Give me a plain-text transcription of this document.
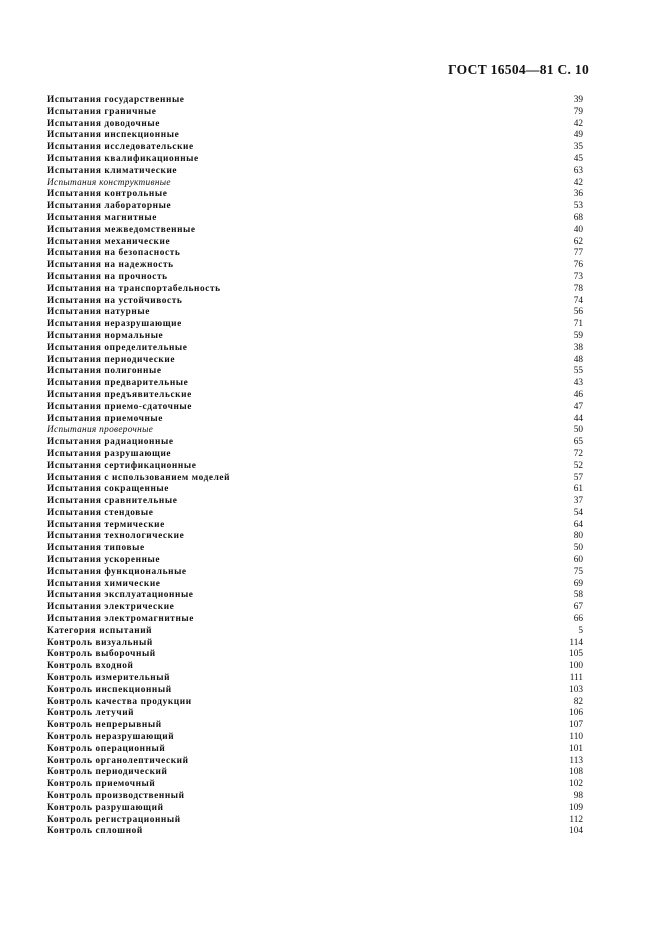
ГОСТ 16504—81 С. 10
Испытания государственные	39
Испытания граничные	79
Испытания доводочные	42
Испытания инспекционные	49
Испытания исследовательские	35
Испытания квалификационные	45
Испытания климатические	63
Испытания конструктивные	42
Испытания контрольные	36
Испытания лабораторные	53
Испытания магнитные	68
Испытания межведомственные	40
Испытания механические	62
Испытания на безопасность	77
Испытания на надежность	76
Испытания на прочность	73
Испытания на транспортабельность	78
Испытания на устойчивость	74
Испытания натурные	56
Испытания неразрушающие	71
Испытания нормальные	59
Испытания определительные	38
Испытания периодические	48
Испытания полигонные	55
Испытания предварительные	43
Испытания предъявительские	46
Испытания приемо-сдаточные	47
Испытания приемочные	44
Испытания проверочные	50
Испытания радиационные	65
Испытания разрушающие	72
Испытания сертификационные	52
Испытания с использованием моделей	57
Испытания сокращенные	61
Испытания сравнительные	37
Испытания стендовые	54
Испытания термические	64
Испытания технологические	80
Испытания типовые	50
Испытания ускоренные	60
Испытания функциональные	75
Испытания химические	69
Испытания эксплуатационные	58
Испытания электрические	67
Испытания электромагнитные	66
Категория испытаний	5
Контроль визуальный	114
Контроль выборочный	105
Контроль входной	100
Контроль измерительный	111
Контроль инспекционный	103
Контроль качества продукции	82
Контроль летучий	106
Контроль непрерывный	107
Контроль неразрушающий	110
Контроль операционный	101
Контроль органолептический	113
Контроль периодический	108
Контроль приемочный	102
Контроль производственный	98
Контроль разрушающий	109
Контроль регистрационный	112
Контроль сплошной	104
